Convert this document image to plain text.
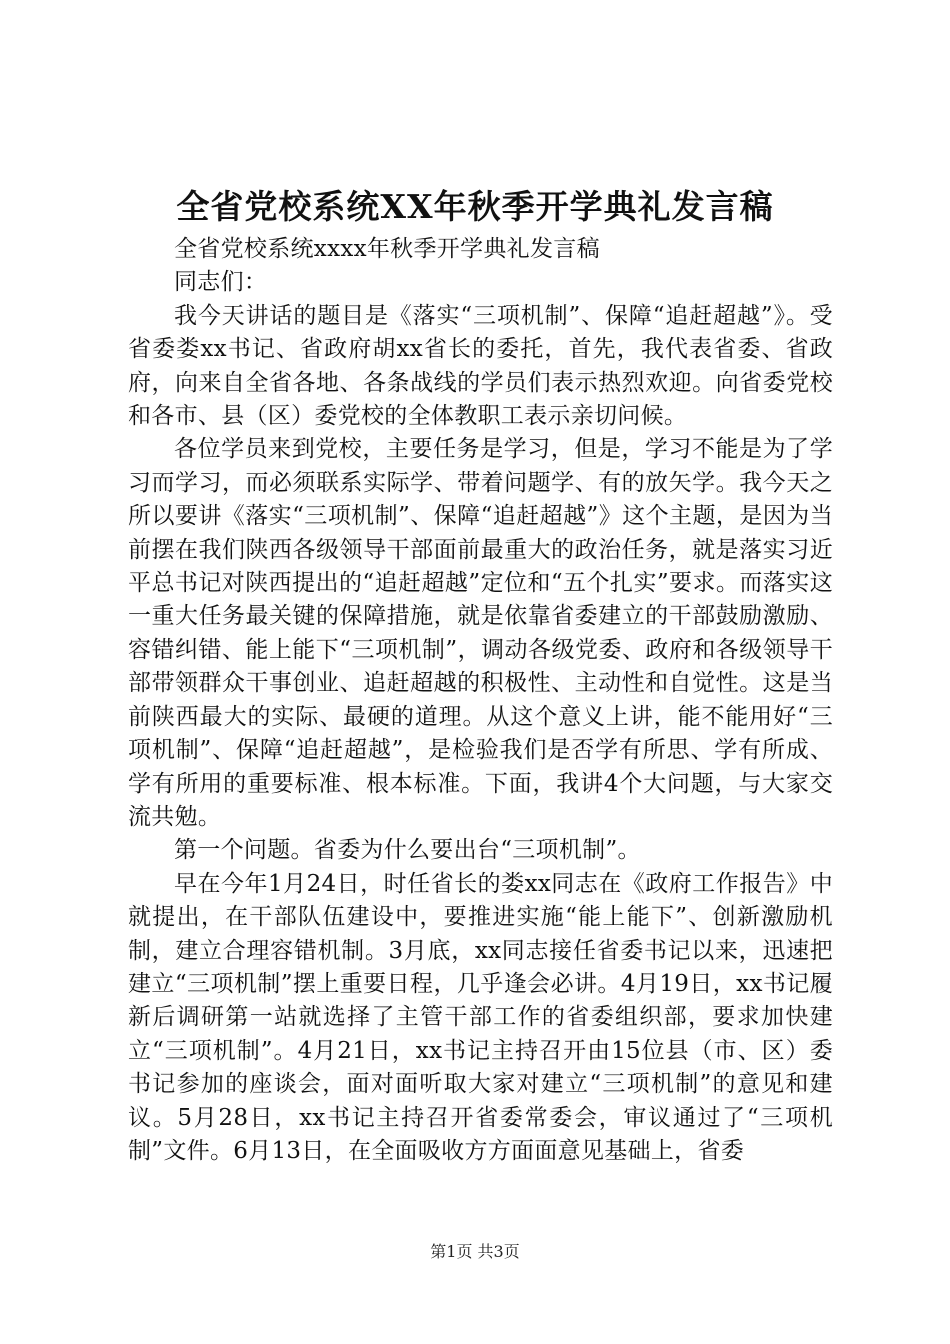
全省党校系统XX年秋季开学典礼发言稿

全省党校系统xxxx年秋季开学典礼发言稿

同志们：

我今天讲话的题目是《落实“三项机制”、保障“追赶超越”》。受省委娄xx书记、省政府胡xx省长的委托，首先，我代表省委、省政府，向来自全省各地、各条战线的学员们表示热烈欢迎。向省委党校和各市、县（区）委党校的全体教职工表示亲切问候。

各位学员来到党校，主要任务是学习，但是，学习不能是为了学习而学习，而必须联系实际学、带着问题学、有的放矢学。我今天之所以要讲《落实“三项机制”、保障“追赶超越”》这个主题，是因为当前摆在我们陕西各级领导干部面前最重大的政治任务，就是落实习近平总书记对陕西提出的“追赶超越”定位和“五个扎实”要求。而落实这一重大任务最关键的保障措施，就是依靠省委建立的干部鼓励激励、容错纠错、能上能下“三项机制”，调动各级党委、政府和各级领导干部带领群众干事创业、追赶超越的积极性、主动性和自觉性。这是当前陕西最大的实际、最硬的道理。从这个意义上讲，能不能用好“三项机制”、保障“追赶超越”，是检验我们是否学有所思、学有所成、学有所用的重要标准、根本标准。下面，我讲4个大问题，与大家交流共勉。

第一个问题。省委为什么要出台“三项机制”。

早在今年1月24日，时任省长的娄xx同志在《政府工作报告》中就提出，在干部队伍建设中，要推进实施“能上能下”、创新激励机制，建立合理容错机制。3月底，xx同志接任省委书记以来，迅速把建立“三项机制”摆上重要日程，几乎逢会必讲。4月19日，xx书记履新后调研第一站就选择了主管干部工作的省委组织部，要求加快建立“三项机制”。4月21日，xx书记主持召开由15位县（市、区）委书记参加的座谈会，面对面听取大家对建立“三项机制”的意见和建议。5月28日，xx书记主持召开省委常委会，审议通过了“三项机制”文件。6月13日，在全面吸收方方面面意见基础上，省委

第1页 共3页
